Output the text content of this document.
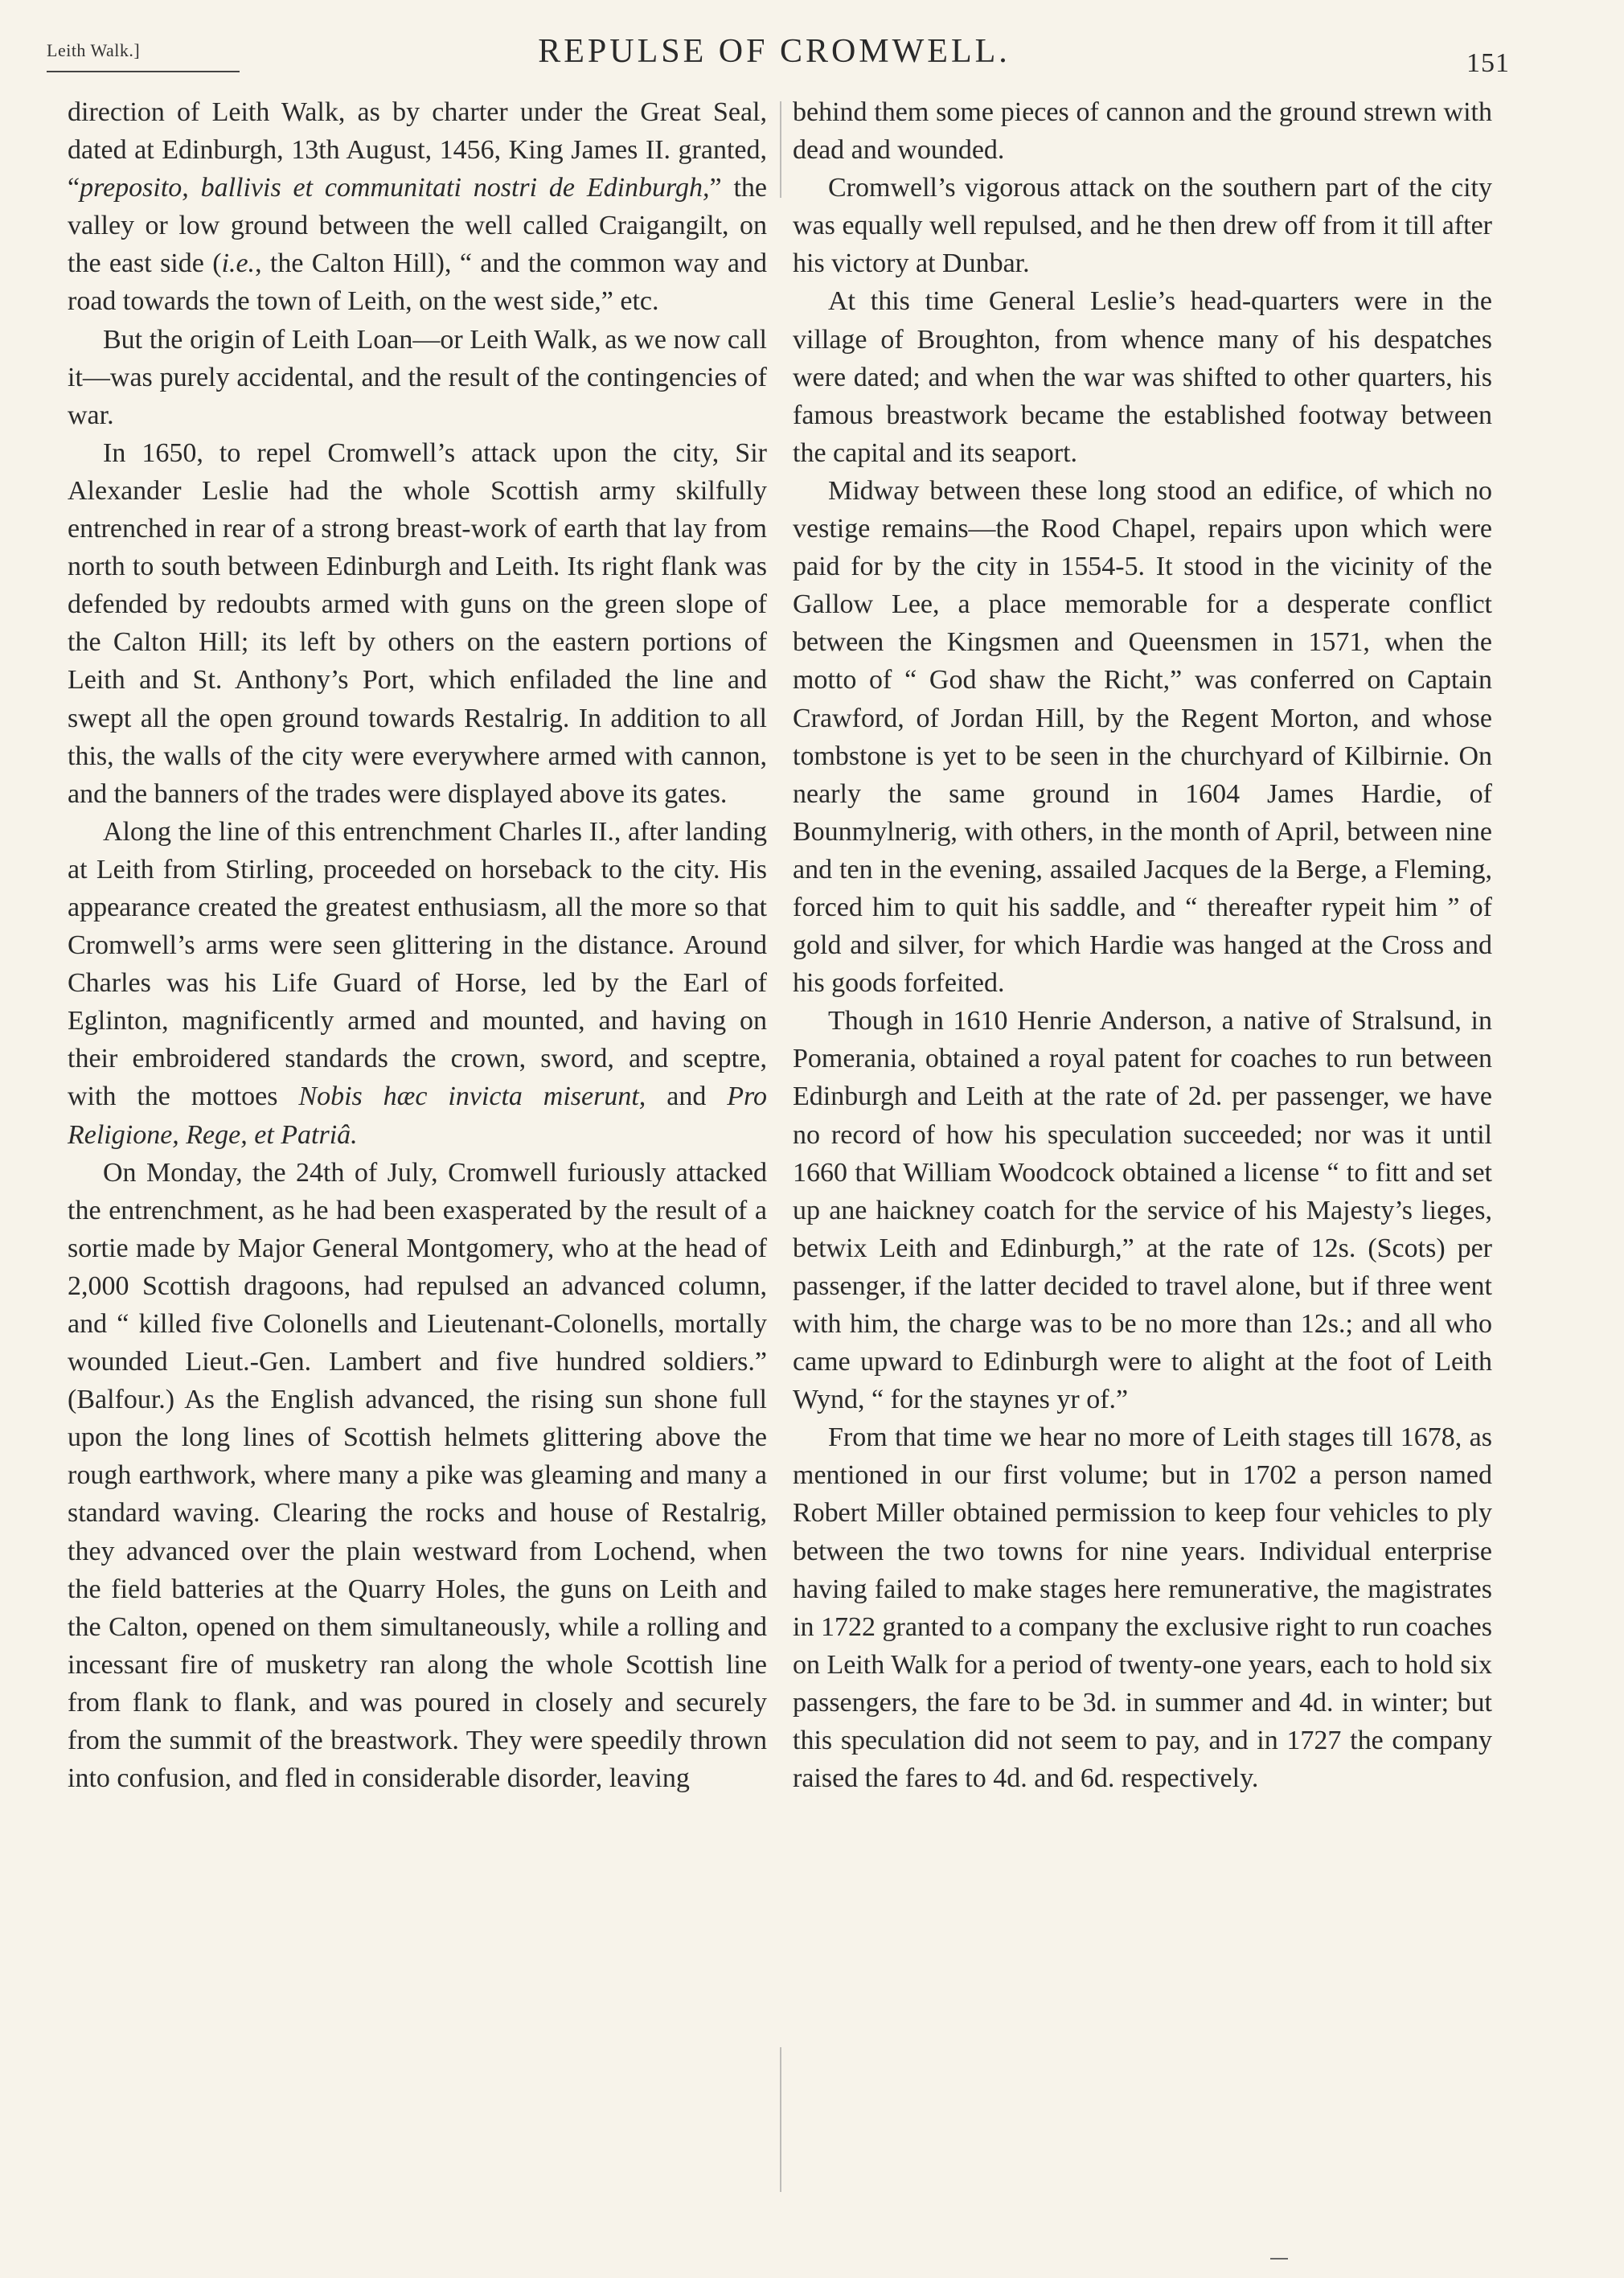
Leith Walk.]	REPULSE OF CROMWELL.	151

direction of Leith Walk, as by charter under the Great Seal, dated at Edinburgh, 13th August, 1456, King James II. granted, “preposito, ballivis et communitati nostri de Edinburgh,” the valley or low ground between the well called Craigangilt, on the east side (i.e., the Calton Hill), “ and the common way and road towards the town of Leith, on the west side,” etc.

But the origin of Leith Loan—or Leith Walk, as we now call it—was purely accidental, and the result of the contingencies of war.

In 1650, to repel Cromwell’s attack upon the city, Sir Alexander Leslie had the whole Scottish army skilfully entrenched in rear of a strong breast-work of earth that lay from north to south between Edinburgh and Leith. Its right flank was defended by redoubts armed with guns on the green slope of the Calton Hill; its left by others on the eastern portions of Leith and St. Anthony’s Port, which enfiladed the line and swept all the open ground towards Restalrig. In addition to all this, the walls of the city were everywhere armed with cannon, and the banners of the trades were displayed above its gates.

Along the line of this entrenchment Charles II., after landing at Leith from Stirling, proceeded on horseback to the city. His appearance created the greatest enthusiasm, all the more so that Cromwell’s arms were seen glittering in the distance. Around Charles was his Life Guard of Horse, led by the Earl of Eglinton, magnificently armed and mounted, and having on their embroidered standards the crown, sword, and sceptre, with the mottoes Nobis hæc invicta miserunt, and Pro Religione, Rege, et Patriâ.

On Monday, the 24th of July, Cromwell furiously attacked the entrenchment, as he had been exasperated by the result of a sortie made by Major General Montgomery, who at the head of 2,000 Scottish dragoons, had repulsed an advanced column, and “ killed five Colonells and Lieutenant-Colonells, mortally wounded Lieut.-Gen. Lambert and five hundred soldiers.” (Balfour.) As the English advanced, the rising sun shone full upon the long lines of Scottish helmets glittering above the rough earthwork, where many a pike was gleaming and many a standard waving. Clearing the rocks and house of Restalrig, they advanced over the plain westward from Lochend, when the field batteries at the Quarry Holes, the guns on Leith and the Calton, opened on them simultaneously, while a rolling and incessant fire of musketry ran along the whole Scottish line from flank to flank, and was poured in closely and securely from the summit of the breastwork. They were speedily thrown into confusion, and fled in considerable disorder, leaving

behind them some pieces of cannon and the ground strewn with dead and wounded.

Cromwell’s vigorous attack on the southern part of the city was equally well repulsed, and he then drew off from it till after his victory at Dunbar.

At this time General Leslie’s head-quarters were in the village of Broughton, from whence many of his despatches were dated; and when the war was shifted to other quarters, his famous breastwork became the established footway between the capital and its seaport.

Midway between these long stood an edifice, of which no vestige remains—the Rood Chapel, repairs upon which were paid for by the city in 1554-5. It stood in the vicinity of the Gallow Lee, a place memorable for a desperate conflict between the Kingsmen and Queensmen in 1571, when the motto of “ God shaw the Richt,” was conferred on Captain Crawford, of Jordan Hill, by the Regent Morton, and whose tombstone is yet to be seen in the churchyard of Kilbirnie. On nearly the same ground in 1604 James Hardie, of Bounmylnerig, with others, in the month of April, between nine and ten in the evening, assailed Jacques de la Berge, a Fleming, forced him to quit his saddle, and “ thereafter rypeit him ” of gold and silver, for which Hardie was hanged at the Cross and his goods forfeited.

Though in 1610 Henrie Anderson, a native of Stralsund, in Pomerania, obtained a royal patent for coaches to run between Edinburgh and Leith at the rate of 2d. per passenger, we have no record of how his speculation succeeded; nor was it until 1660 that William Woodcock obtained a license “ to fitt and set up ane haickney coatch for the service of his Majesty’s lieges, betwix Leith and Edinburgh,” at the rate of 12s. (Scots) per passenger, if the latter decided to travel alone, but if three went with him, the charge was to be no more than 12s.; and all who came upward to Edinburgh were to alight at the foot of Leith Wynd, “ for the staynes yr of.”

From that time we hear no more of Leith stages till 1678, as mentioned in our first volume; but in 1702 a person named Robert Miller obtained permission to keep four vehicles to ply between the two towns for nine years. Individual enterprise having failed to make stages here remunerative, the magistrates in 1722 granted to a company the exclusive right to run coaches on Leith Walk for a period of twenty-one years, each to hold six passengers, the fare to be 3d. in summer and 4d. in winter; but this speculation did not seem to pay, and in 1727 the company raised the fares to 4d. and 6d. respectively.
